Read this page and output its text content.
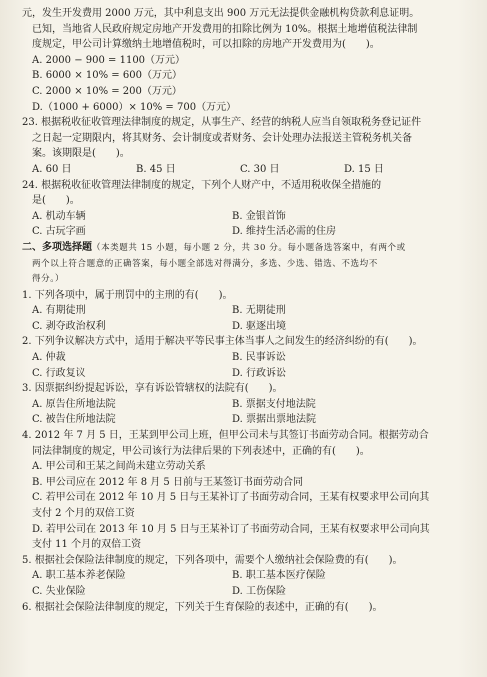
元，发生开发费用 2000 万元，其中利息支出 900 万元无法提供金融机构贷款利息证明。
已知，当地省人民政府规定房地产开发费用的扣除比例为 10%。根据土地增值税法律制
度规定，甲公司计算缴纳土地增值税时，可以扣除的房地产开发费用为(　　)。
A. 2000 − 900 = 1100（万元）
B. 6000 × 10% = 600（万元）
C. 2000 × 10% = 200（万元）
D.（1000 + 6000）× 10% = 700（万元）
23. 根据税收征收管理法律制度的规定，从事生产、经营的纳税人应当自领取税务登记证件
之日起一定期限内，将其财务、会计制度或者财务、会计处理办法报送主管税务机关备
案。该期限是(　　)。
A. 60 日	B. 45 日	C. 30 日	D. 15 日
24. 根据税收征收管理法律制度的规定，下列个人财产中，不适用税收保全措施的
是(　　)。
A. 机动车辆	B. 金银首饰
C. 古玩字画	D. 维持生活必需的住房
二、多项选择题（本类题共 15 小题，每小题 2 分，共 30 分。每小题备选答案中，有两个或
两个以上符合题意的正确答案，每小题全部选对得满分，多选、少选、错选、不选均不
得分。）
1. 下列各项中，属于刑罚中的主刑的有(　　)。
A. 有期徒刑	B. 无期徒刑
C. 剥夺政治权利	D. 驱逐出境
2. 下列争议解决方式中，适用于解决平等民事主体当事人之间发生的经济纠纷的有(　　)。
A. 仲裁	B. 民事诉讼
C. 行政复议	D. 行政诉讼
3. 因票据纠纷提起诉讼，享有诉讼管辖权的法院有(　　)。
A. 原告住所地法院	B. 票据支付地法院
C. 被告住所地法院	D. 票据出票地法院
4. 2012 年 7 月 5 日，王某到甲公司上班，但甲公司未与其签订书面劳动合同。根据劳动合
同法律制度的规定，甲公司该行为法律后果的下列表述中，正确的有(　　)。
A. 甲公司和王某之间尚未建立劳动关系
B. 甲公司应在 2012 年 8 月 5 日前与王某签订书面劳动合同
C. 若甲公司在 2012 年 10 月 5 日与王某补订了书面劳动合同，王某有权要求甲公司向其
支付 2 个月的双倍工资
D. 若甲公司在 2013 年 10 月 5 日与王某补订了书面劳动合同，王某有权要求甲公司向其
支付 11 个月的双倍工资
5. 根据社会保险法律制度的规定，下列各项中，需要个人缴纳社会保险费的有(　　)。
A. 职工基本养老保险	B. 职工基本医疗保险
C. 失业保险	D. 工伤保险
6. 根据社会保险法律制度的规定，下列关于生育保险的表述中，正确的有(　　)。
